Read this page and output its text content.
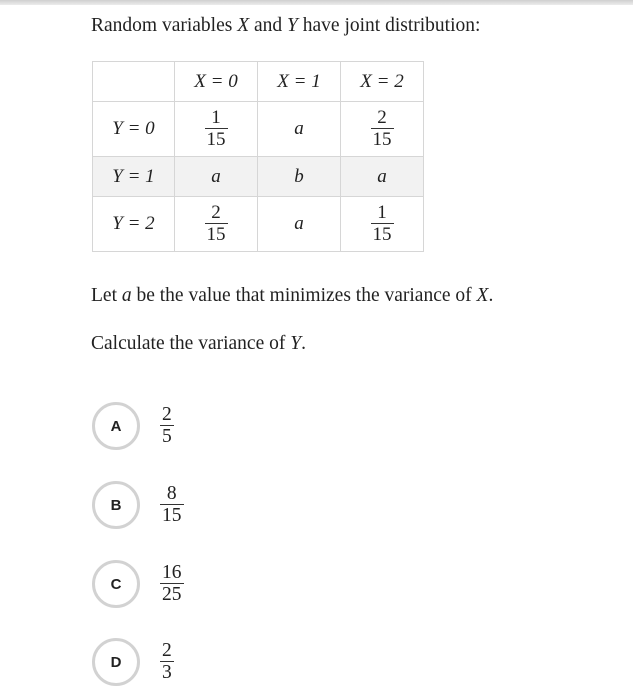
Random variables X and Y have joint distribution:
	X = 0	X = 1	X = 2
Y = 0	$\frac{1}{15}$	a	$\frac{2}{15}$

Y = 1	a	b	a
Y = 2	$\frac{2}{15}$	a	$\frac{1}{15}$
Let a be the value that minimizes the variance of X.
Calculate the variance of Y.
A	$\frac{2}{5}$
B	$\frac{8}{15}$
C	$\frac{16}{25}$
D	$\frac{2}{3}$
